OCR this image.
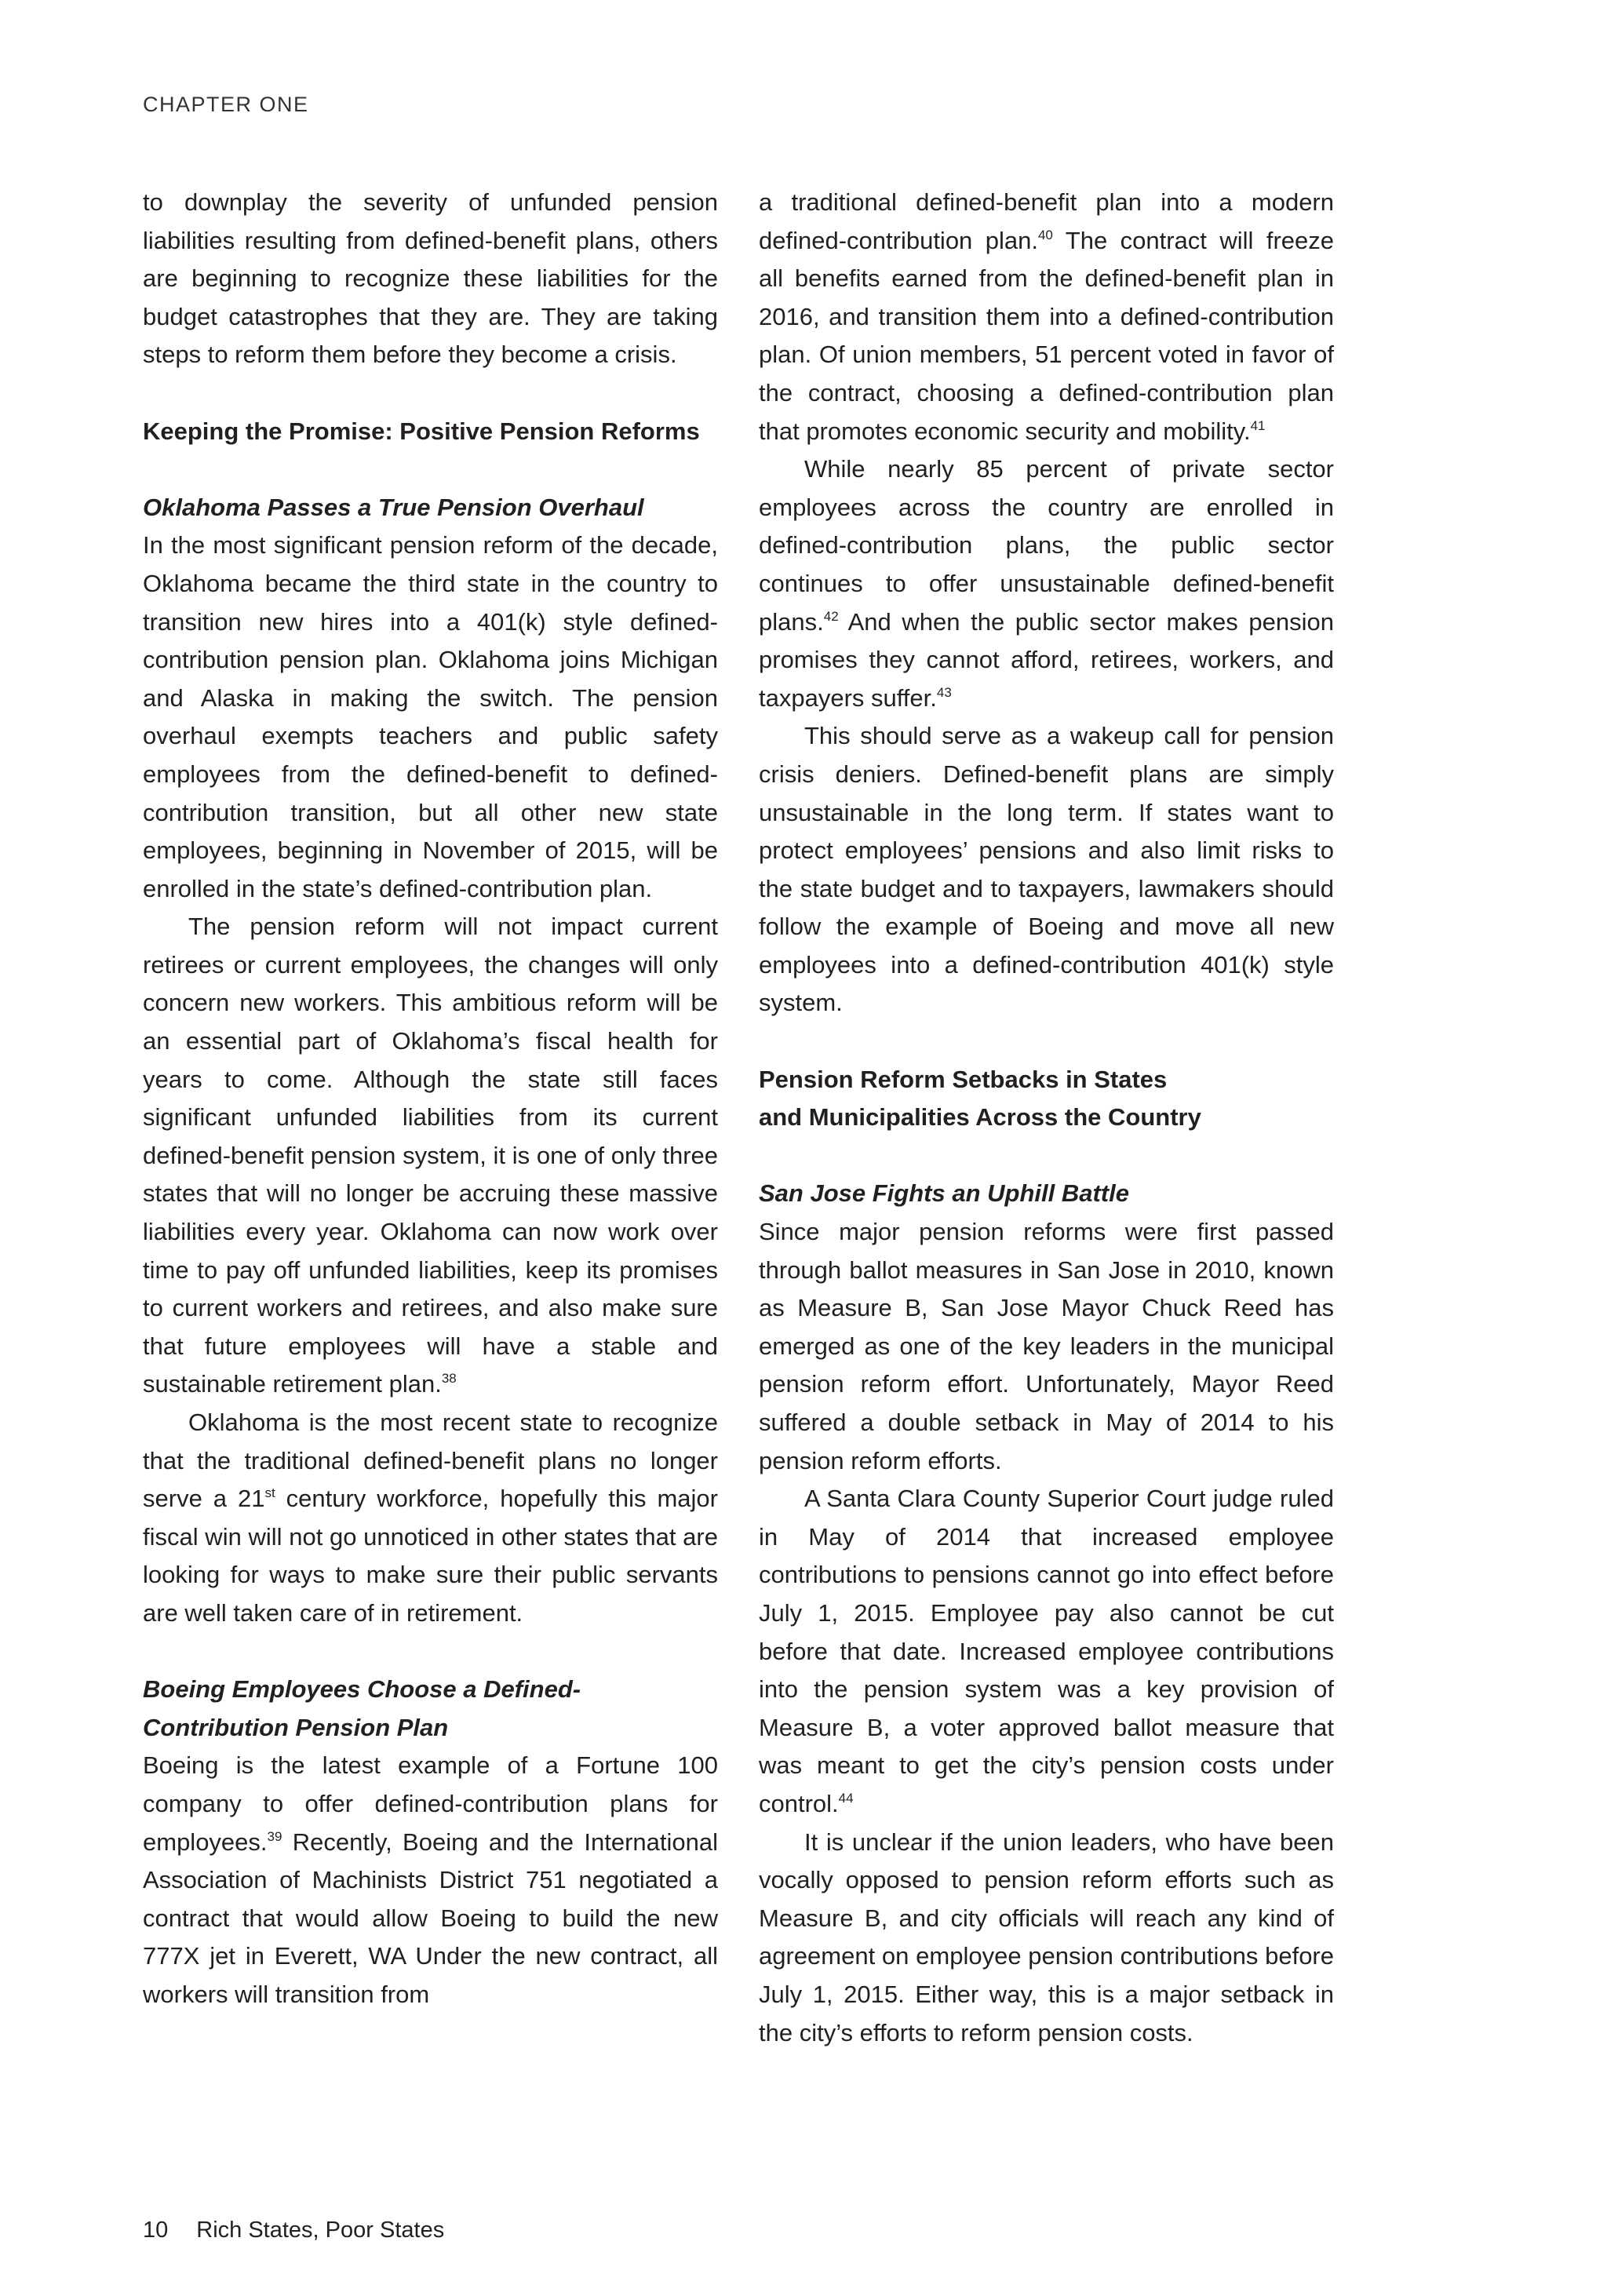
CHAPTER ONE

to downplay the severity of unfunded pension liabilities resulting from defined-benefit plans, others are beginning to recognize these liabilities for the budget catastrophes that they are. They are taking steps to reform them before they become a crisis.

Keeping the Promise: Positive Pension Reforms

Oklahoma Passes a True Pension Overhaul

In the most significant pension reform of the decade, Oklahoma became the third state in the country to transition new hires into a 401(k) style defined-contribution pension plan. Oklahoma joins Michigan and Alaska in making the switch. The pension overhaul exempts teachers and public safety employees from the defined-benefit to defined-contribution transition, but all other new state employees, beginning in November of 2015, will be enrolled in the state’s defined-contribution plan.

The pension reform will not impact current retirees or current employees, the changes will only concern new workers. This ambitious reform will be an essential part of Oklahoma’s fiscal health for years to come. Although the state still faces significant unfunded liabilities from its current defined-benefit pension system, it is one of only three states that will no longer be accruing these massive liabilities every year. Oklahoma can now work over time to pay off unfunded liabilities, keep its promises to current workers and retirees, and also make sure that future employees will have a stable and sustainable retirement plan.$^{38}$

Oklahoma is the most recent state to recognize that the traditional defined-benefit plans no longer serve a 21st century workforce, hopefully this major fiscal win will not go unnoticed in other states that are looking for ways to make sure their public servants are well taken care of in retirement.

Boeing Employees Choose a Defined-Contribution Pension Plan

Boeing is the latest example of a Fortune 100 company to offer defined-contribution plans for employees.$^{39}$ Recently, Boeing and the International Association of Machinists District 751 negotiated a contract that would allow Boeing to build the new 777X jet in Everett, WA Under the new contract, all workers will transition from

a traditional defined-benefit plan into a modern defined-contribution plan.$^{40}$ The contract will freeze all benefits earned from the defined-benefit plan in 2016, and transition them into a defined-contribution plan. Of union members, 51 percent voted in favor of the contract, choosing a defined-contribution plan that promotes economic security and mobility.$^{41}$

While nearly 85 percent of private sector employees across the country are enrolled in defined-contribution plans, the public sector continues to offer unsustainable defined-benefit plans.$^{42}$ And when the public sector makes pension promises they cannot afford, retirees, workers, and taxpayers suffer.$^{43}$

This should serve as a wakeup call for pension crisis deniers. Defined-benefit plans are simply unsustainable in the long term. If states want to protect employees’ pensions and also limit risks to the state budget and to taxpayers, lawmakers should follow the example of Boeing and move all new employees into a defined-contribution 401(k) style system.

Pension Reform Setbacks in States
and Municipalities Across the Country

San Jose Fights an Uphill Battle

Since major pension reforms were first passed through ballot measures in San Jose in 2010, known as Measure B, San Jose Mayor Chuck Reed has emerged as one of the key leaders in the municipal pension reform effort. Unfortunately, Mayor Reed suffered a double setback in May of 2014 to his pension reform efforts.

A Santa Clara County Superior Court judge ruled in May of 2014 that increased employee contributions to pensions cannot go into effect before July 1, 2015. Employee pay also cannot be cut before that date. Increased employee contributions into the pension system was a key provision of Measure B, a voter approved ballot measure that was meant to get the city’s pension costs under control.$^{44}$

It is unclear if the union leaders, who have been vocally opposed to pension reform efforts such as Measure B, and city officials will reach any kind of agreement on employee pension contributions before July 1, 2015. Either way, this is a major setback in the city’s efforts to reform pension costs.

10 Rich States, Poor States
